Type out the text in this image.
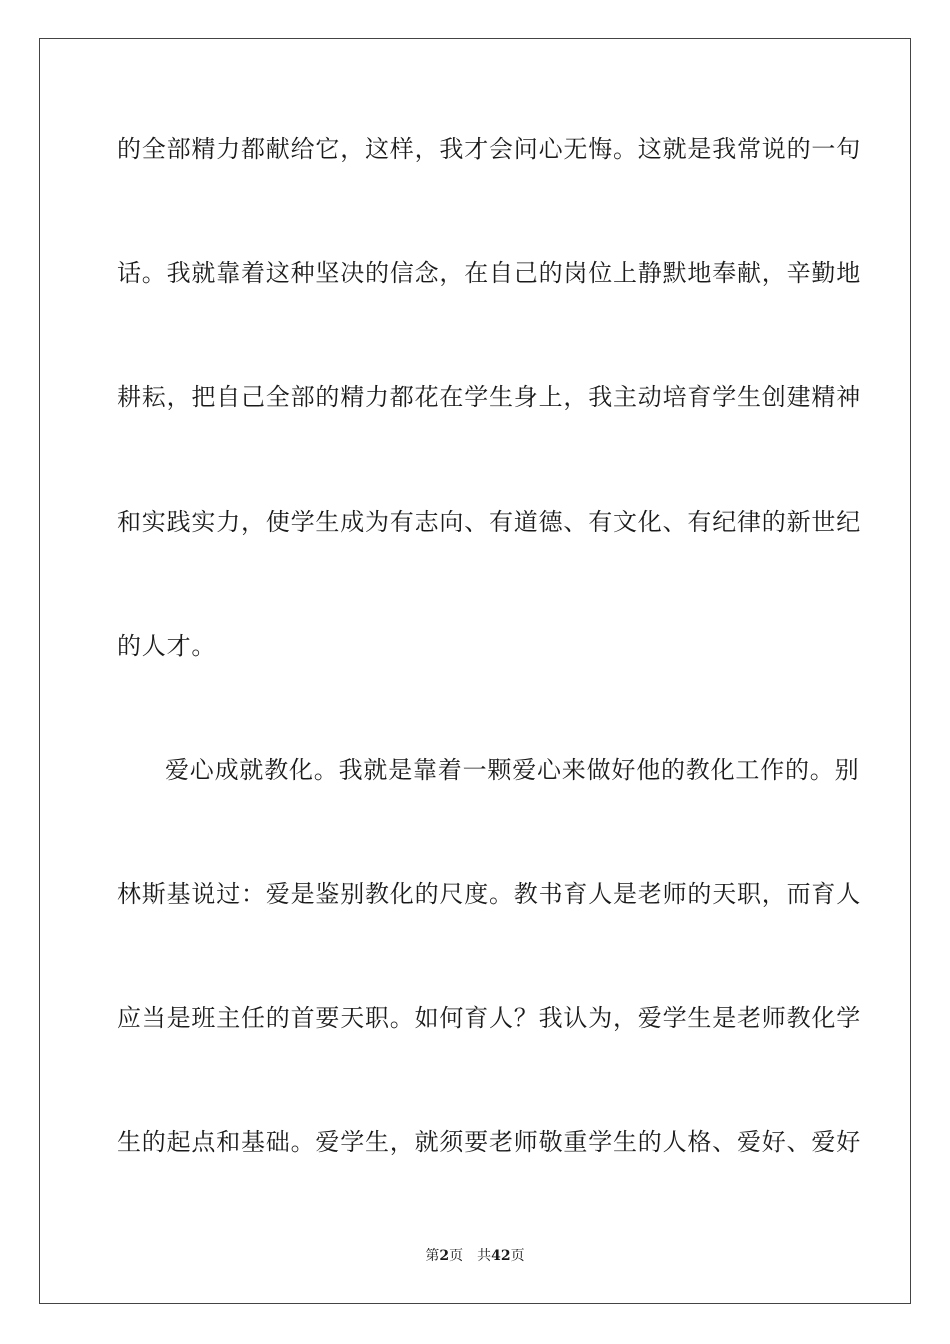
的全部精力都献给它，这样，我才会问心无悔。这就是我常说的一句
话。我就靠着这种坚决的信念，在自己的岗位上静默地奉献，辛勤地
耕耘，把自己全部的精力都花在学生身上，我主动培育学生创建精神
和实践实力，使学生成为有志向、有道德、有文化、有纪律的新世纪
的人才。
爱心成就教化。我就是靠着一颗爱心来做好他的教化工作的。别
林斯基说过：爱是鉴别教化的尺度。教书育人是老师的天职，而育人
应当是班主任的首要天职。如何育人？我认为，爱学生是老师教化学
生的起点和基础。爱学生，就须要老师敬重学生的人格、爱好、爱好
第2页 共42页
